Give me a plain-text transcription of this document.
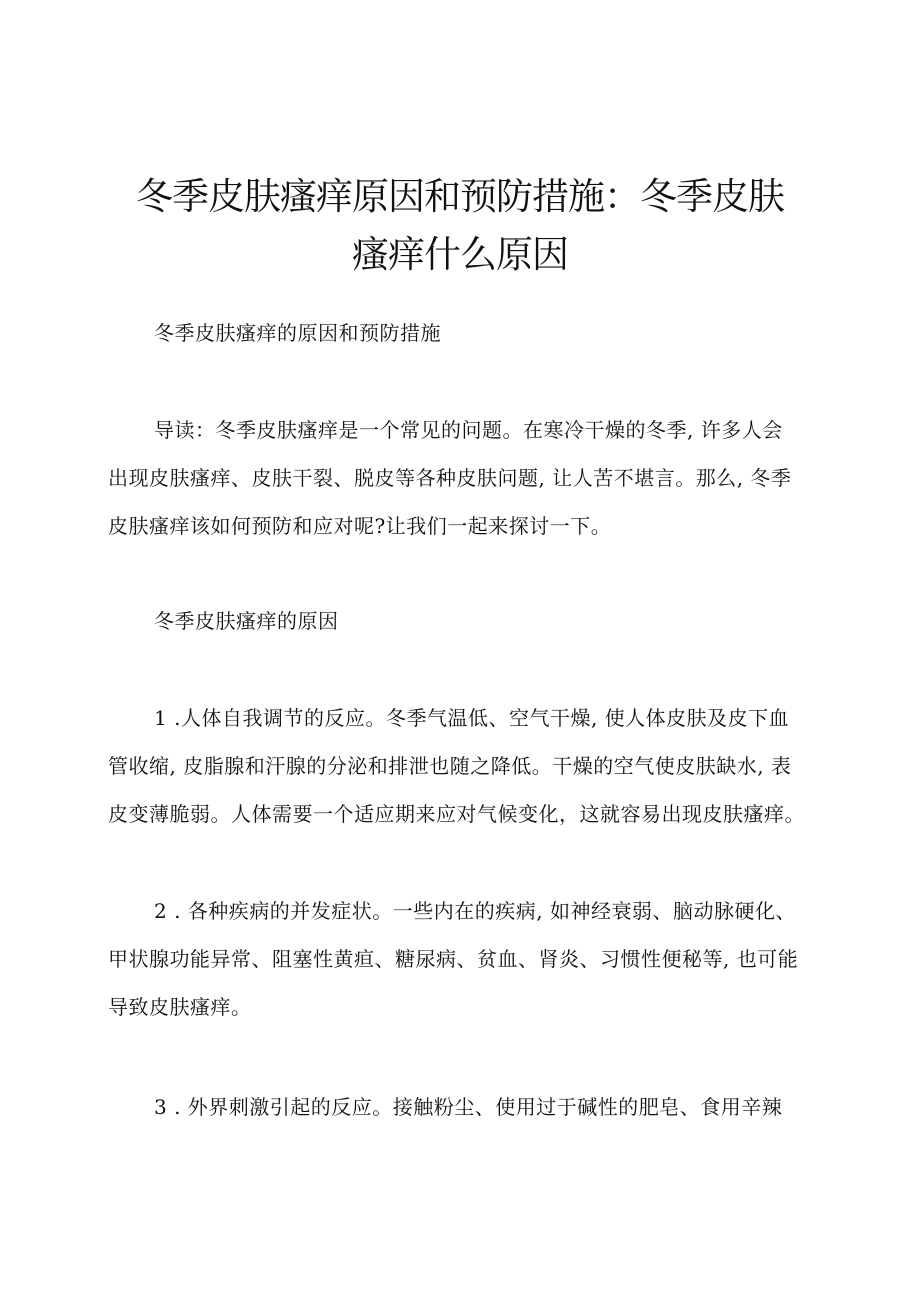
冬季皮肤瘙痒原因和预防措施：冬季皮肤
瘙痒什么原因

冬季皮肤瘙痒的原因和预防措施

导读：冬季皮肤瘙痒是一个常见的问题。在寒冷干燥的冬季, 许多人会
出现皮肤瘙痒、皮肤干裂、脱皮等各种皮肤问题, 让人苦不堪言。那么, 冬季
皮肤瘙痒该如何预防和应对呢?让我们一起来探讨一下。

冬季皮肤瘙痒的原因

1 .人体自我调节的反应。冬季气温低、空气干燥, 使人体皮肤及皮下血
管收缩, 皮脂腺和汗腺的分泌和排泄也随之降低。干燥的空气使皮肤缺水, 表
皮变薄脆弱。人体需要一个适应期来应对气候变化，这就容易出现皮肤瘙痒。

2 . 各种疾病的并发症状。一些内在的疾病, 如神经衰弱、脑动脉硬化、
甲状腺功能异常、阻塞性黄疸、糖尿病、贫血、肾炎、习惯性便秘等, 也可能
导致皮肤瘙痒。

3 . 外界刺激引起的反应。接触粉尘、使用过于碱性的肥皂、食用辛辣
